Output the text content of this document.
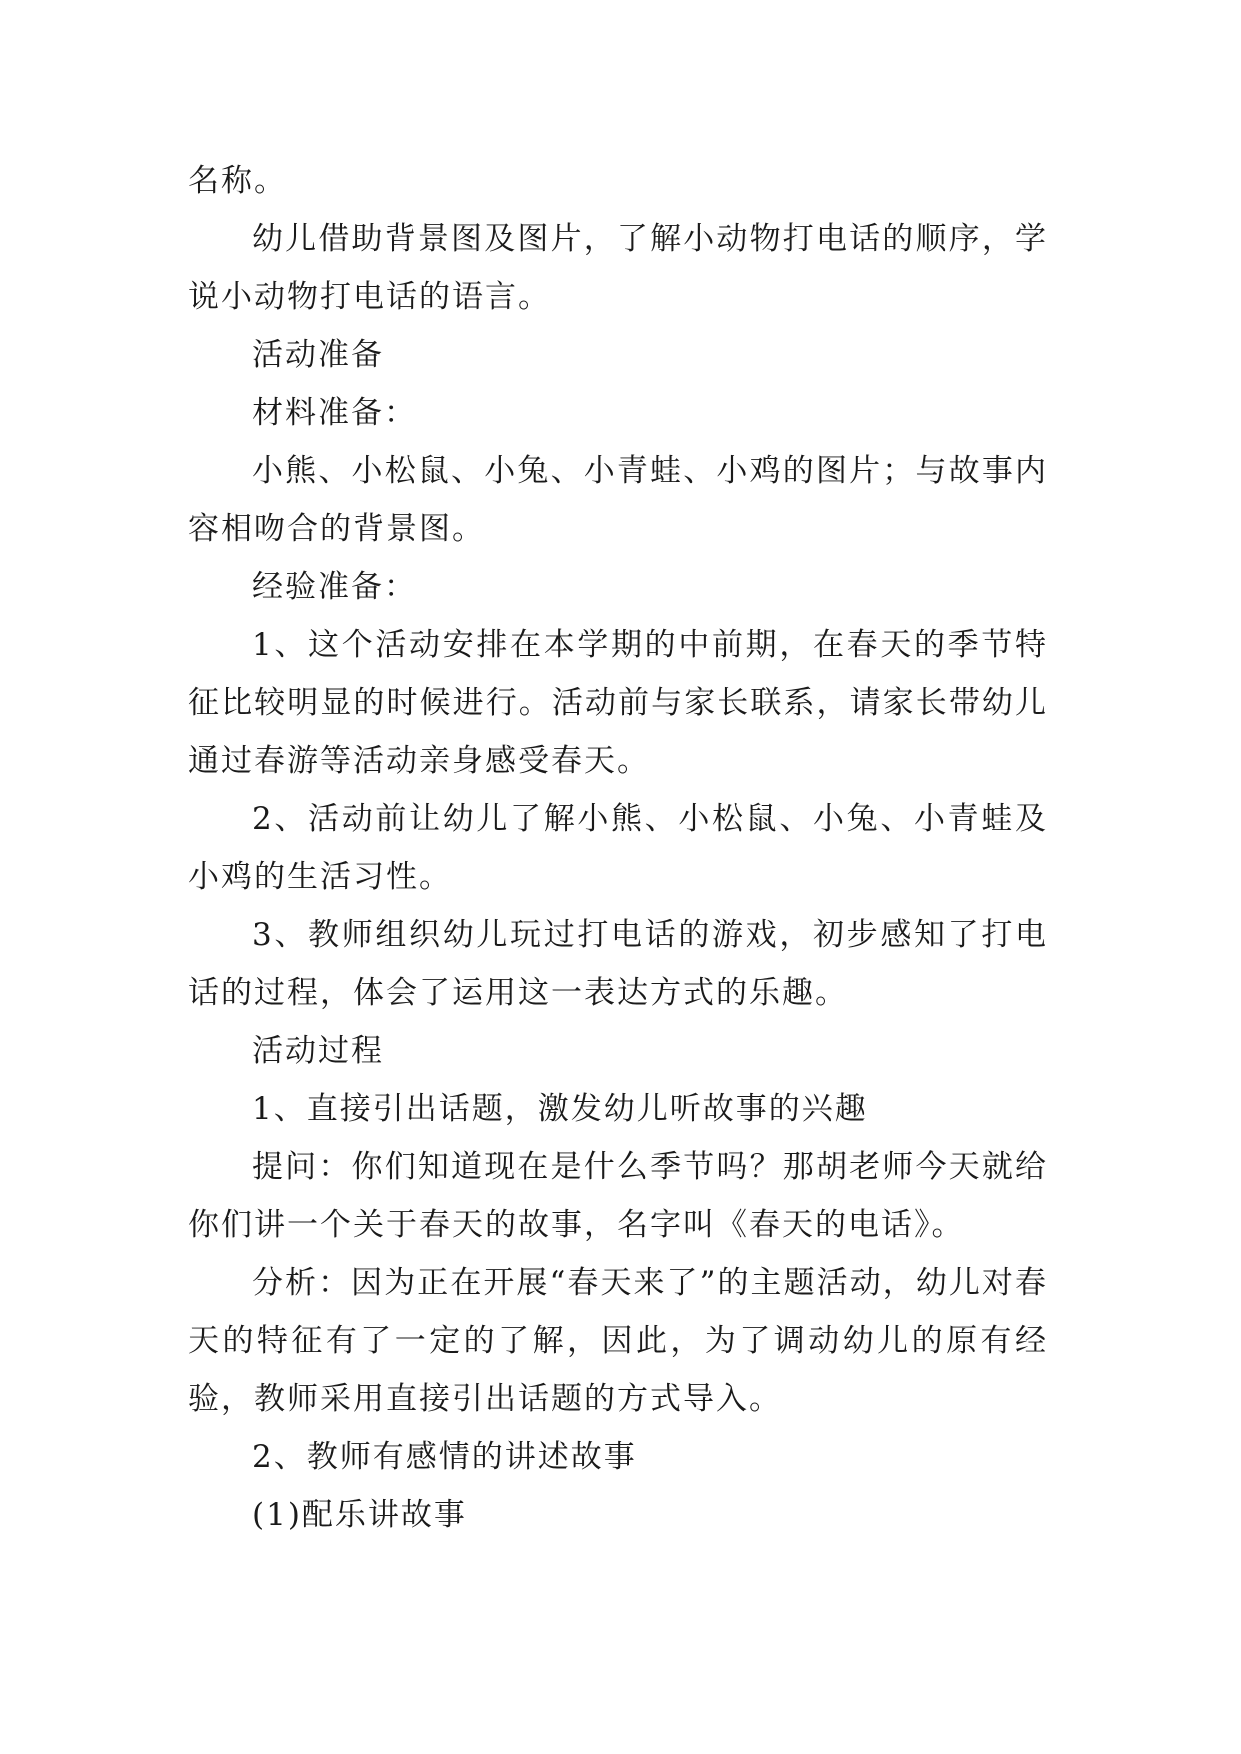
名称。

幼儿借助背景图及图片，了解小动物打电话的顺序，学说小动物打电话的语言。

活动准备

材料准备：

小熊、小松鼠、小兔、小青蛙、小鸡的图片；与故事内容相吻合的背景图。

经验准备：

1、这个活动安排在本学期的中前期，在春天的季节特征比较明显的时候进行。活动前与家长联系，请家长带幼儿通过春游等活动亲身感受春天。

2、活动前让幼儿了解小熊、小松鼠、小兔、小青蛙及小鸡的生活习性。

3、教师组织幼儿玩过打电话的游戏，初步感知了打电话的过程，体会了运用这一表达方式的乐趣。

活动过程

1、直接引出话题，激发幼儿听故事的兴趣

提问：你们知道现在是什么季节吗？那胡老师今天就给你们讲一个关于春天的故事，名字叫《春天的电话》。

分析：因为正在开展“春天来了”的主题活动，幼儿对春天的特征有了一定的了解，因此，为了调动幼儿的原有经验，教师采用直接引出话题的方式导入。

2、教师有感情的讲述故事

(1)配乐讲故事
